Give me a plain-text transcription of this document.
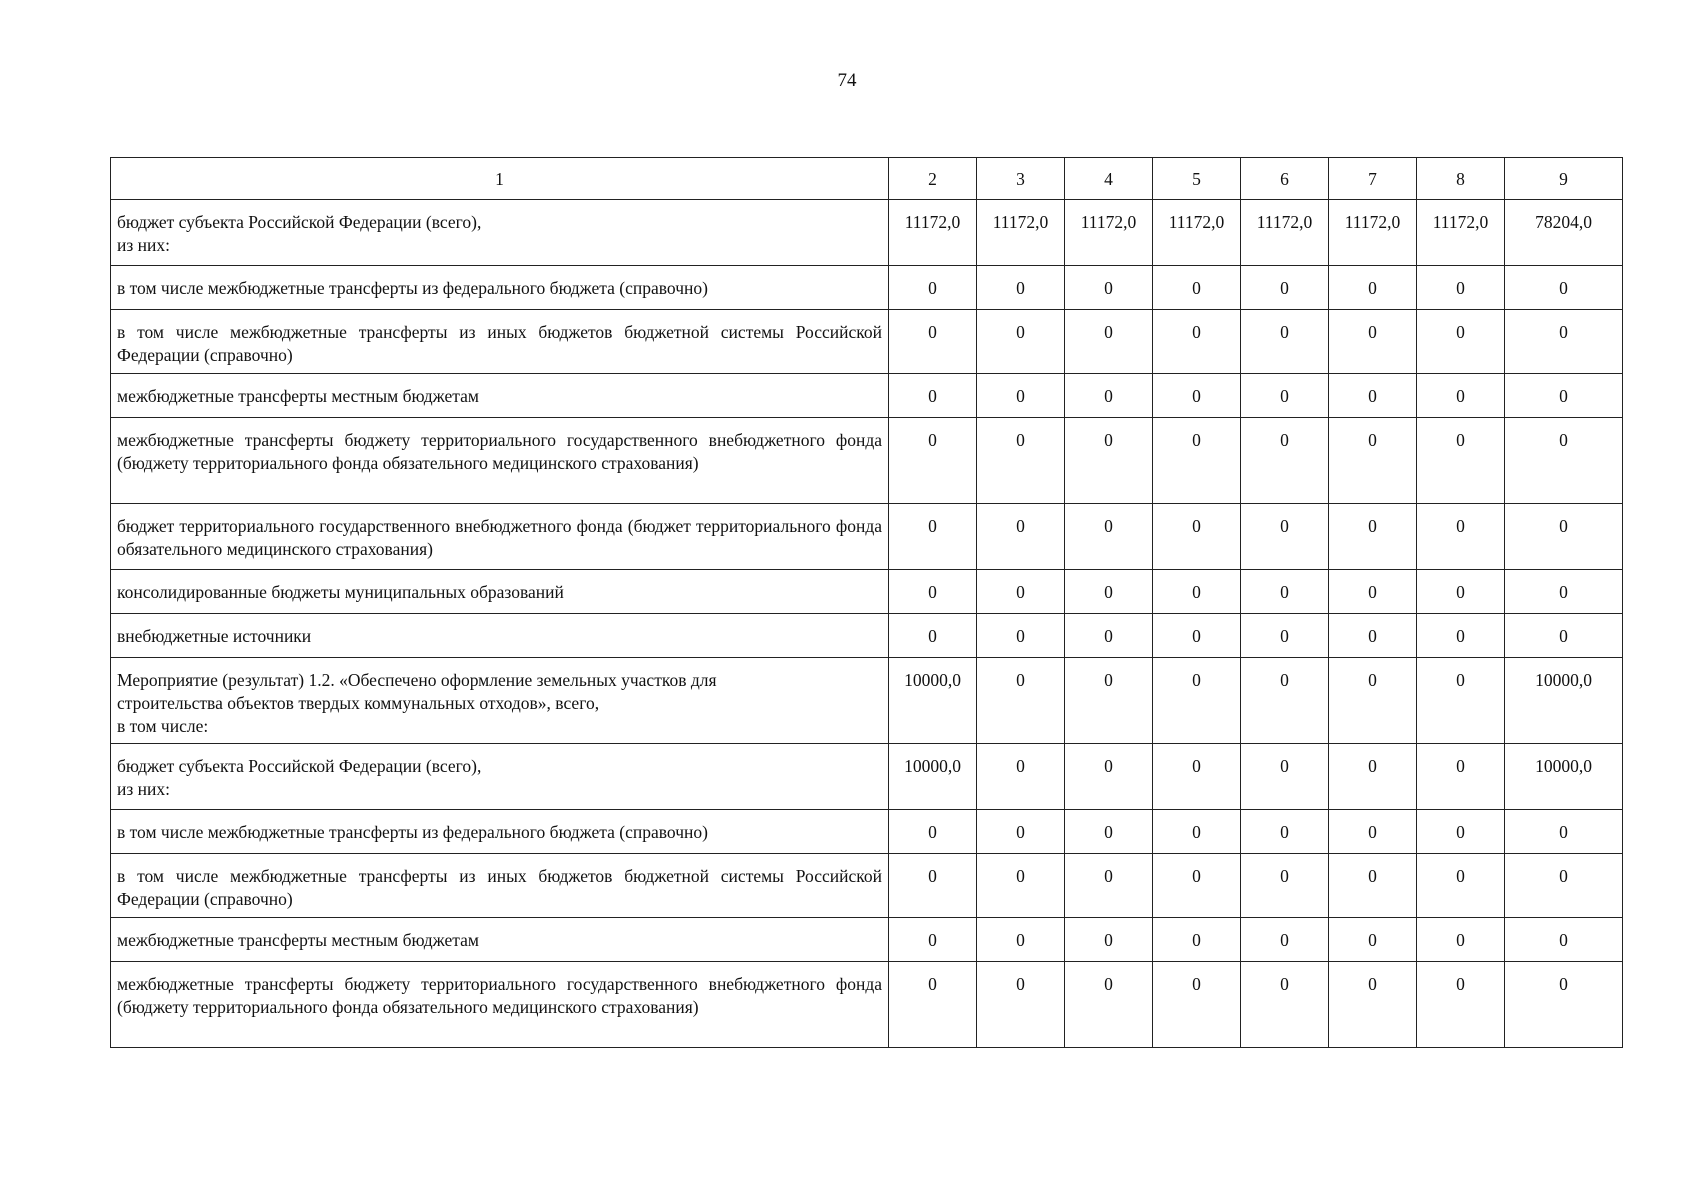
74
1	2	3	4	5	6	7	8	9

бюджет субъекта Российской Федерации (всего),
из них:	11172,0	11172,0	11172,0	11172,0	11172,0	11172,0	11172,0	78204,0

в том числе межбюджетные трансферты из федерального бюджета (справочно)	0	0	0	0	0	0	0	0

в том числе межбюджетные трансферты из иных бюджетов бюджетной системы Российской Федерации (справочно)	0	0	0	0	0	0	0	0

межбюджетные трансферты местным бюджетам	0	0	0	0	0	0	0	0

межбюджетные трансферты бюджету территориального государственного внебюджетного фонда (бюджету территориального фонда обязательного медицинского страхования)	0	0	0	0	0	0	0	0

бюджет территориального государственного внебюджетного фонда (бюджет территориального фонда обязательного медицинского страхования)	0	0	0	0	0	0	0	0

консолидированные бюджеты муниципальных образований	0	0	0	0	0	0	0	0

внебюджетные источники	0	0	0	0	0	0	0	0

Мероприятие (результат) 1.2. «Обеспечено оформление земельных участков для
строительства объектов твердых коммунальных отходов», всего,
в том числе:	10000,0	0	0	0	0	0	0	10000,0

бюджет субъекта Российской Федерации (всего),
из них:	10000,0	0	0	0	0	0	0	10000,0

в том числе межбюджетные трансферты из федерального бюджета (справочно)	0	0	0	0	0	0	0	0

в том числе межбюджетные трансферты из иных бюджетов бюджетной системы Российской Федерации (справочно)	0	0	0	0	0	0	0	0

межбюджетные трансферты местным бюджетам	0	0	0	0	0	0	0	0

межбюджетные трансферты бюджету территориального государственного внебюджетного фонда (бюджету территориального фонда обязательного медицинского страхования)	0	0	0	0	0	0	0	0
